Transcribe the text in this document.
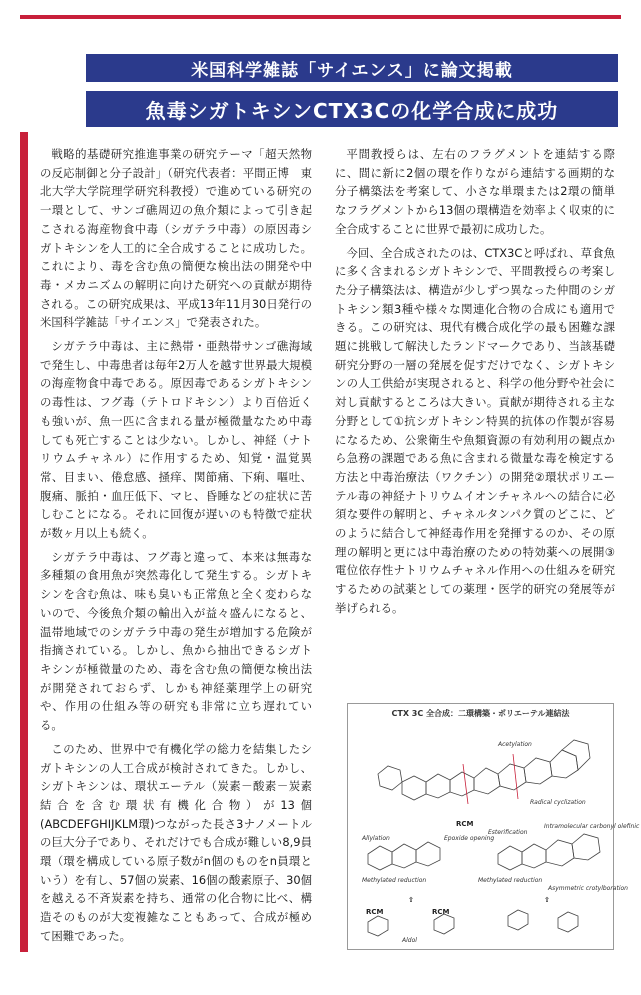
米国科学雑誌「サイエンス」に論文掲載
魚毒シガトキシンCTX3Cの化学合成に成功

戦略的基礎研究推進事業の研究テーマ「超天然物の反応制御と分子設計」（研究代表者：平間正博　東北大学大学院理学研究科教授）で進めている研究の一環として、サンゴ礁周辺の魚介類によって引き起こされる海産物食中毒（シガテラ中毒）の原因毒シガトキシンを人工的に全合成することに成功した。これにより、毒を含む魚の簡便な検出法の開発や中毒・メカニズムの解明に向けた研究への貢献が期待される。この研究成果は、平成13年11月30日発行の米国科学雑誌「サイエンス」で発表された。

シガテラ中毒は、主に熱帯・亜熱帯サンゴ礁海域で発生し、中毒患者は毎年2万人を越す世界最大規模の海産物食中毒である。原因毒であるシガトキシンの毒性は、フグ毒（テトロドキシン）より百倍近くも強いが、魚一匹に含まれる量が極微量なため中毒しても死亡することは少ない。しかし、神経（ナトリウムチャネル）に作用するため、知覚・温覚異常、目まい、倦怠感、掻痒、関節痛、下痢、嘔吐、腹痛、脈拍・血圧低下、マヒ、昏睡などの症状に苦しむことになる。それに回復が遅いのも特徴で症状が数ヶ月以上も続く。

シガテラ中毒は、フグ毒と違って、本来は無毒な多種類の食用魚が突然毒化して発生する。シガトキシンを含む魚は、味も臭いも正常魚と全く変わらないので、今後魚介類の輸出入が益々盛んになると、温帯地域でのシガテラ中毒の発生が増加する危険が指摘されている。しかし、魚から抽出できるシガトキシンが極微量のため、毒を含む魚の簡便な検出法が開発されておらず、しかも神経薬理学上の研究や、作用の仕組み等の研究も非常に立ち遅れている。

このため、世界中で有機化学の総力を結集したシガトキシンの人工合成が検討されてきた。しかし、シガトキシンは、環状エーテル（炭素－酸素－炭素結合を含む環状有機化合物）が13個(ABCDEFGHIJKLM環)つながった長さ3ナノメートルの巨大分子であり、それだけでも合成が難しい8,9員環（環を構成している原子数がn個のものをn員環という）を有し、57個の炭素、16個の酸素原子、30個を越える不斉炭素を持ち、通常の化合物に比べ、構造そのものが大変複雑なこともあって、合成が極めて困難であった。

平間教授らは、左右のフラグメントを連結する際に、間に新に2個の環を作りながら連結する画期的な分子構築法を考案して、小さな単環または2環の簡単なフラグメントから13個の環構造を効率よく収束的に全合成することに世界で最初に成功した。

今回、全合成されたのは、CTX3Cと呼ばれ、草食魚に多く含まれるシガトキシンで、平間教授らの考案した分子構築法は、構造が少しずつ異なった仲間のシガトキシン類3種や様々な関連化合物の合成にも適用できる。この研究は、現代有機合成化学の最も困難な課題に挑戦して解決したランドマークであり、当該基礎研究分野の一層の発展を促すだけでなく、シガトキシンの人工供給が実現されると、科学の他分野や社会に対し貢献するところは大きい。貢献が期待される主な分野として①抗シガトキシン特異的抗体の作製が容易になるため、公衆衛生や魚類資源の有効利用の観点から急務の課題である魚に含まれる微量な毒を検定する方法と中毒治療法（ワクチン）の開発②環状ポリエーテル毒の神経ナトリウムイオンチャネルへの結合に必須な要件の解明と、チャネルタンパク質のどこに、どのように結合して神経毒作用を発揮するのか、その原理の解明と更には中毒治療のための特効薬への展開③電位依存性ナトリウムチャネル作用への仕組みを研究するための試薬としての薬理・医学的研究の発展等が挙げられる。

CTX 3C 全合成：二環構築・ポリエーテル連結法
Acetylation
Radical cyclization
RCM
Allylation	Epoxide opening
Esterification
Intramolecular carbonyl olefinic
Methylated reduction	Methylated reduction
⇧	⇧
RCM	RCM
Asymmetric crotylboration
Aldol
